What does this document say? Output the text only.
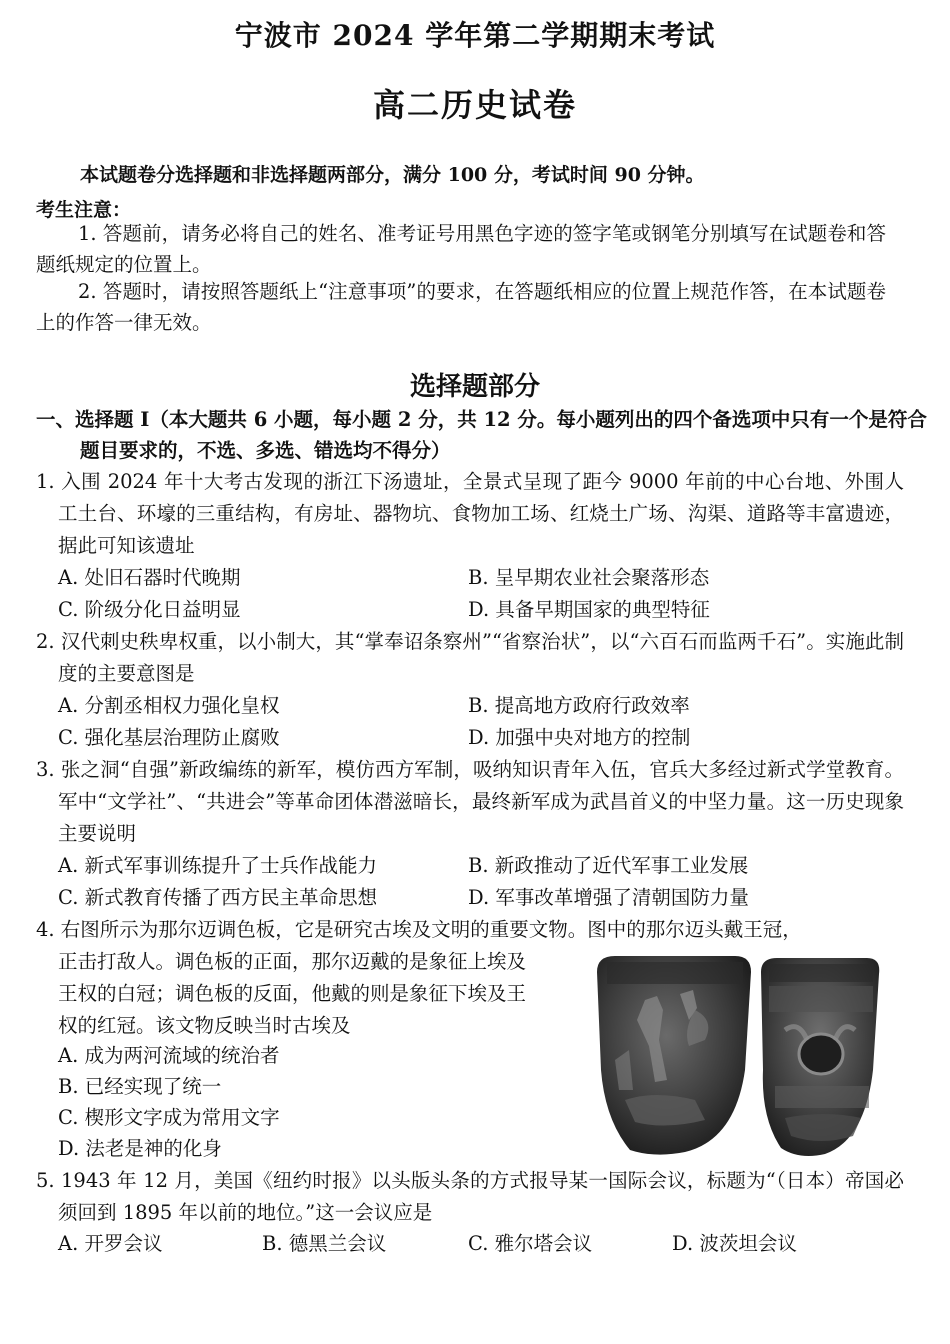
宁波市 2024 学年第二学期期末考试
高二历史试卷
本试题卷分选择题和非选择题两部分，满分 100 分，考试时间 90 分钟。
考生注意：
1. 答题前，请务必将自己的姓名、准考证号用黑色字迹的签字笔或钢笔分别填写在试题卷和答题纸规定的位置上。
2. 答题时，请按照答题纸上“注意事项”的要求，在答题纸相应的位置上规范作答，在本试题卷上的作答一律无效。
选择题部分
一、选择题 I（本大题共 6 小题，每小题 2 分，共 12 分。每小题列出的四个备选项中只有一个是符合题目要求的，不选、多选、错选均不得分）
1. 入围 2024 年十大考古发现的浙江下汤遗址，全景式呈现了距今 9000 年前的中心台地、外围人工土台、环壕的三重结构，有房址、器物坑、食物加工场、红烧土广场、沟渠、道路等丰富遗迹，据此可知该遗址
A. 处旧石器时代晚期	B. 呈早期农业社会聚落形态
C. 阶级分化日益明显	D. 具备早期国家的典型特征
2. 汉代刺史秩卑权重，以小制大，其“掌奉诏条察州”“省察治状”，以“六百石而监两千石”。实施此制度的主要意图是
A. 分割丞相权力强化皇权	B. 提高地方政府行政效率
C. 强化基层治理防止腐败	D. 加强中央对地方的控制
3. 张之洞“自强”新政编练的新军，模仿西方军制，吸纳知识青年入伍，官兵大多经过新式学堂教育。军中“文学社”、“共进会”等革命团体潜滋暗长，最终新军成为武昌首义的中坚力量。这一历史现象主要说明
A. 新式军事训练提升了士兵作战能力	B. 新政推动了近代军事工业发展
C. 新式教育传播了西方民主革命思想	D. 军事改革增强了清朝国防力量
4. 右图所示为那尔迈调色板，它是研究古埃及文明的重要文物。图中的那尔迈头戴王冠，
正击打敌人。调色板的正面，那尔迈戴的是象征上埃及
王权的白冠；调色板的反面，他戴的则是象征下埃及王
权的红冠。该文物反映当时古埃及
A. 成为两河流域的统治者
B. 已经实现了统一
C. 楔形文字成为常用文字
D. 法老是神的化身
5. 1943 年 12 月，美国《纽约时报》以头版头条的方式报导某一国际会议，标题为“（日本）帝国必须回到 1895 年以前的地位。”这一会议应是
A. 开罗会议	B. 德黑兰会议	C. 雅尔塔会议	D. 波茨坦会议
